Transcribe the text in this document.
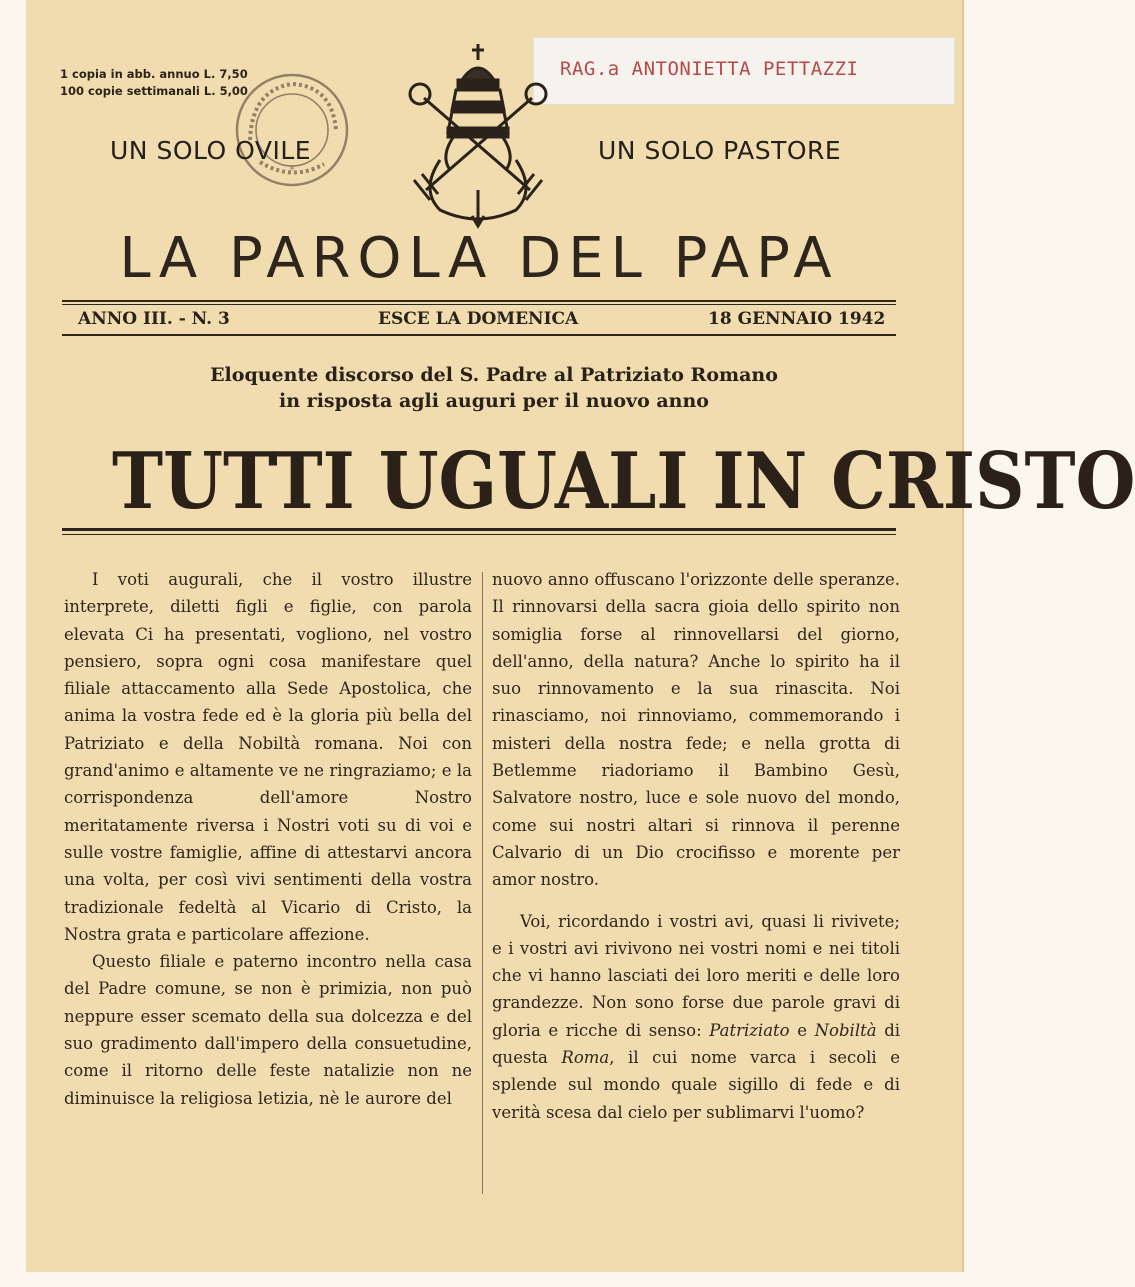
1 copia in abb. annuo L. 7,50
100 copie settimanali L. 5,00
*
RAG.a ANTONIETTA PETTAZZI
UN SOLO OVILE	UN SOLO PASTORE
LA PAROLA DEL PAPA
ANNO III. - N. 3	ESCE LA DOMENICA	18 GENNAIO 1942
Eloquente discorso del S. Padre al Patriziato Romano
in risposta agli auguri per il nuovo anno
TUTTI UGUALI IN CRISTO

I voti augurali, che il vostro illustre interprete, diletti figli e figlie, con parola elevata Ci ha presentati, vogliono, nel vostro pensiero, sopra ogni cosa manifestare quel filiale attaccamento alla Sede Apostolica, che anima la vostra fede ed è la gloria più bella del Patriziato e della Nobiltà romana. Noi con grand'animo e altamente ve ne ringraziamo; e la corrispondenza dell'amore Nostro meritatamente riversa i Nostri voti su di voi e sulle vostre famiglie, affine di attestarvi ancora una volta, per così vivi sentimenti della vostra tradizionale fedeltà al Vicario di Cristo, la Nostra grata e particolare affezione.

Questo filiale e paterno incontro nella casa del Padre comune, se non è primizia, non può neppure esser scemato della sua dolcezza e del suo gradimento dall'impero della consuetudine, come il ritorno delle feste natalizie non ne diminuisce la religiosa letizia, nè le aurore del

nuovo anno offuscano l'orizzonte delle speranze. Il rinnovarsi della sacra gioia dello spirito non somiglia forse al rinnovellarsi del giorno, dell'anno, della natura? Anche lo spirito ha il suo rinnovamento e la sua rinascita. Noi rinasciamo, noi rinnoviamo, commemorando i misteri della nostra fede; e nella grotta di Betlemme riadoriamo il Bambino Gesù, Salvatore nostro, luce e sole nuovo del mondo, come sui nostri altari si rinnova il perenne Calvario di un Dio crocifisso e morente per amor nostro.

Voi, ricordando i vostri avi, quasi li rivivete; e i vostri avi rivivono nei vostri nomi e nei titoli che vi hanno lasciati dei loro meriti e delle loro grandezze. Non sono forse due parole gravi di gloria e ricche di senso: Patriziato e Nobiltà di questa Roma, il cui nome varca i secoli e splende sul mondo quale sigillo di fede e di verità scesa dal cielo per sublimarvi l'uomo?
